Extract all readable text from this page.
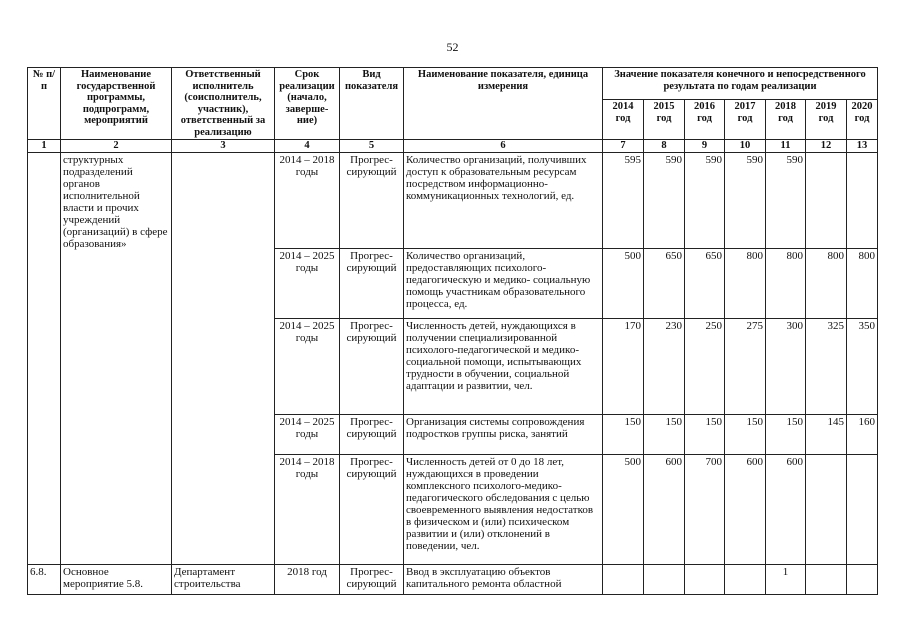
52
№ п/п	Наименование государственной программы, подпрограмм, мероприятий	Ответственный исполнитель (соисполнитель, участник), ответственный за реализацию	Срок реализации (начало, заверше- ние)	Вид показателя	Наименование показателя, единица измерения	Значение показателя конечного и непосредственного результата по годам реализации						
						2014 год	2015 год	2016 год	2017 год	2018 год	2019 год	2020 год
1	2	3	4	5	6	7	8	9	10	11	12	13
	структурных подразделений органов исполнительной власти и прочих учреждений (организаций) в сфере образования»		2014 – 2018 годы	Прогрес- сирующий	Количество организаций, получивших доступ к образовательным ресурсам посредством информационно- коммуникационных технологий, ед.	595	590	590	590	590		
			2014 – 2025 годы	Прогрес- сирующий	Количество организаций, предоставляющих психолого- педагогическую и медико- социальную помощь участникам образовательного процесса, ед.	500	650	650	800	800	800	800
			2014 – 2025 годы	Прогрес- сирующий	Численность детей, нуждающихся в получении специализированной психолого-педагогической и медико-социальной помощи, испытывающих трудности в обучении, социальной адаптации и развитии, чел.	170	230	250	275	300	325	350
			2014 – 2025 годы	Прогрес- сирующий	Организация системы сопровождения подростков группы риска, занятий	150	150	150	150	150	145	160
			2014 – 2018 годы	Прогрес- сирующий	Численность детей от 0 до 18 лет, нуждающихся в проведении комплексного психолого-медико- педагогического обследования с целью своевременного выявления недостатков в физическом и (или) психическом развитии и (или) отклонений в поведении, чел.	500	600	700	600	600		
6.8.	Основное мероприятие 5.8.	Департамент строительства	2018 год	Прогрес- сирующий	Ввод в эксплуатацию объектов капитального ремонта областной					1		
